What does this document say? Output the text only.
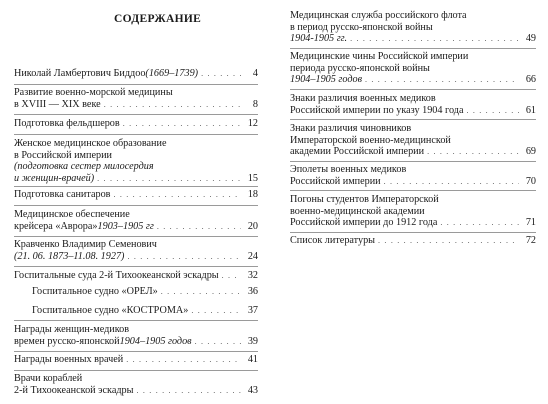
СОДЕРЖАНИЕ
Николай Ламбертович Биддоо (1669–1739) . . .	4
Развитие военно-морской медицины
в XVIII — XIX веке . . .	8
Подготовка фельдшеров . . .	12
Женское медицинское образование
в Российской империи
(подготовка сестер милосердия
и женщин-врачей) . . .	15
Подготовка санитаров . . .	18
Медицинское обеспечение
крейсера «Аврора» 1903–1905 гг . . .	20
Кравченко Владимир Семенович
(21. 06. 1873–11.08. 1927) . . .	24
Госпитальные суда 2-й Тихоокеанской эскадры . . .	32
Госпитальное судно «ОРЕЛ» . . .	36
Госпитальное судно «КОСТРОМА» . . .	37
Награды женщин-медиков
времен русско-японской 1904–1905 годов . . .	39
Награды военных врачей . . .	41
Врачи кораблей
2-й Тихоокеанской эскадры . . .	43
Медицинская служба российского флота
в период русско-японской войны
1904-1905 гг. . . .	49
Медицинские чины Российской империи
периода русско-японской войны
1904–1905 годов . . .	66
Знаки различия военных медиков
Российской империи по указу 1904 года . . .	61
Знаки различия чиновников
Императорской военно-медицинской
академии Российской империи . . .	69
Эполеты военных медиков
Российской империи . . .	70
Погоны студентов Императорской
военно-медицинской академии
Российской империи до 1912 года . . .	71
Список литературы . . .	72
